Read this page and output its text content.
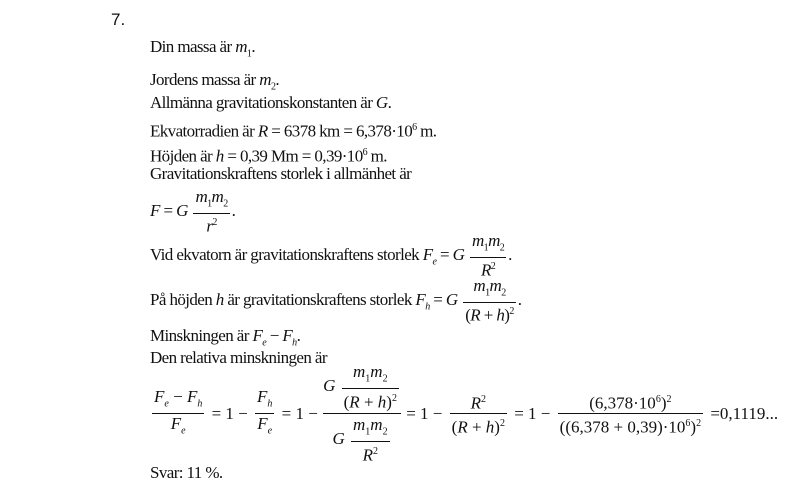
7.
Din massa är $m_1$.
Jordens massa är $m_2$.
Allmänna gravitationskonstanten är G.
Ekvatorradien är R = 6378 km = $6,378\cdot 10^6$ m.
Höjden är h = 0,39 $Mm = 0,39\cdot 10^6$ m.
Gravitationskraftens storlek i allmänhet är
F = G $\frac{m_1m_2}{r^2}$ .
Vid ekvatorn är gravitationskraftens storlek $F_e = G \frac{m_1m_2}{R^2}$ .
På höjden h är gravitationskraftens storlek $F_h = G \frac{m_1m_2}{(R + h)^2}$ .
Minskningen är $F_e - F_h$.
Den relativa minskningen är
$\frac{F_e - F_h}{F_e} = 1 - \frac{F_h}{F_e} = 1 - \frac{G \frac{m_1m_2}{(R + h)^2}}{G \frac{m_1m_2}{R^2}} = 1 - \frac{R^2}{(R + h)^2} = 1 - \frac{(6,378\cdot 10^6)^2}{((6,378 + 0,39)\cdot 10^6)^2} =0,1119$...
Svar: 11 %.
